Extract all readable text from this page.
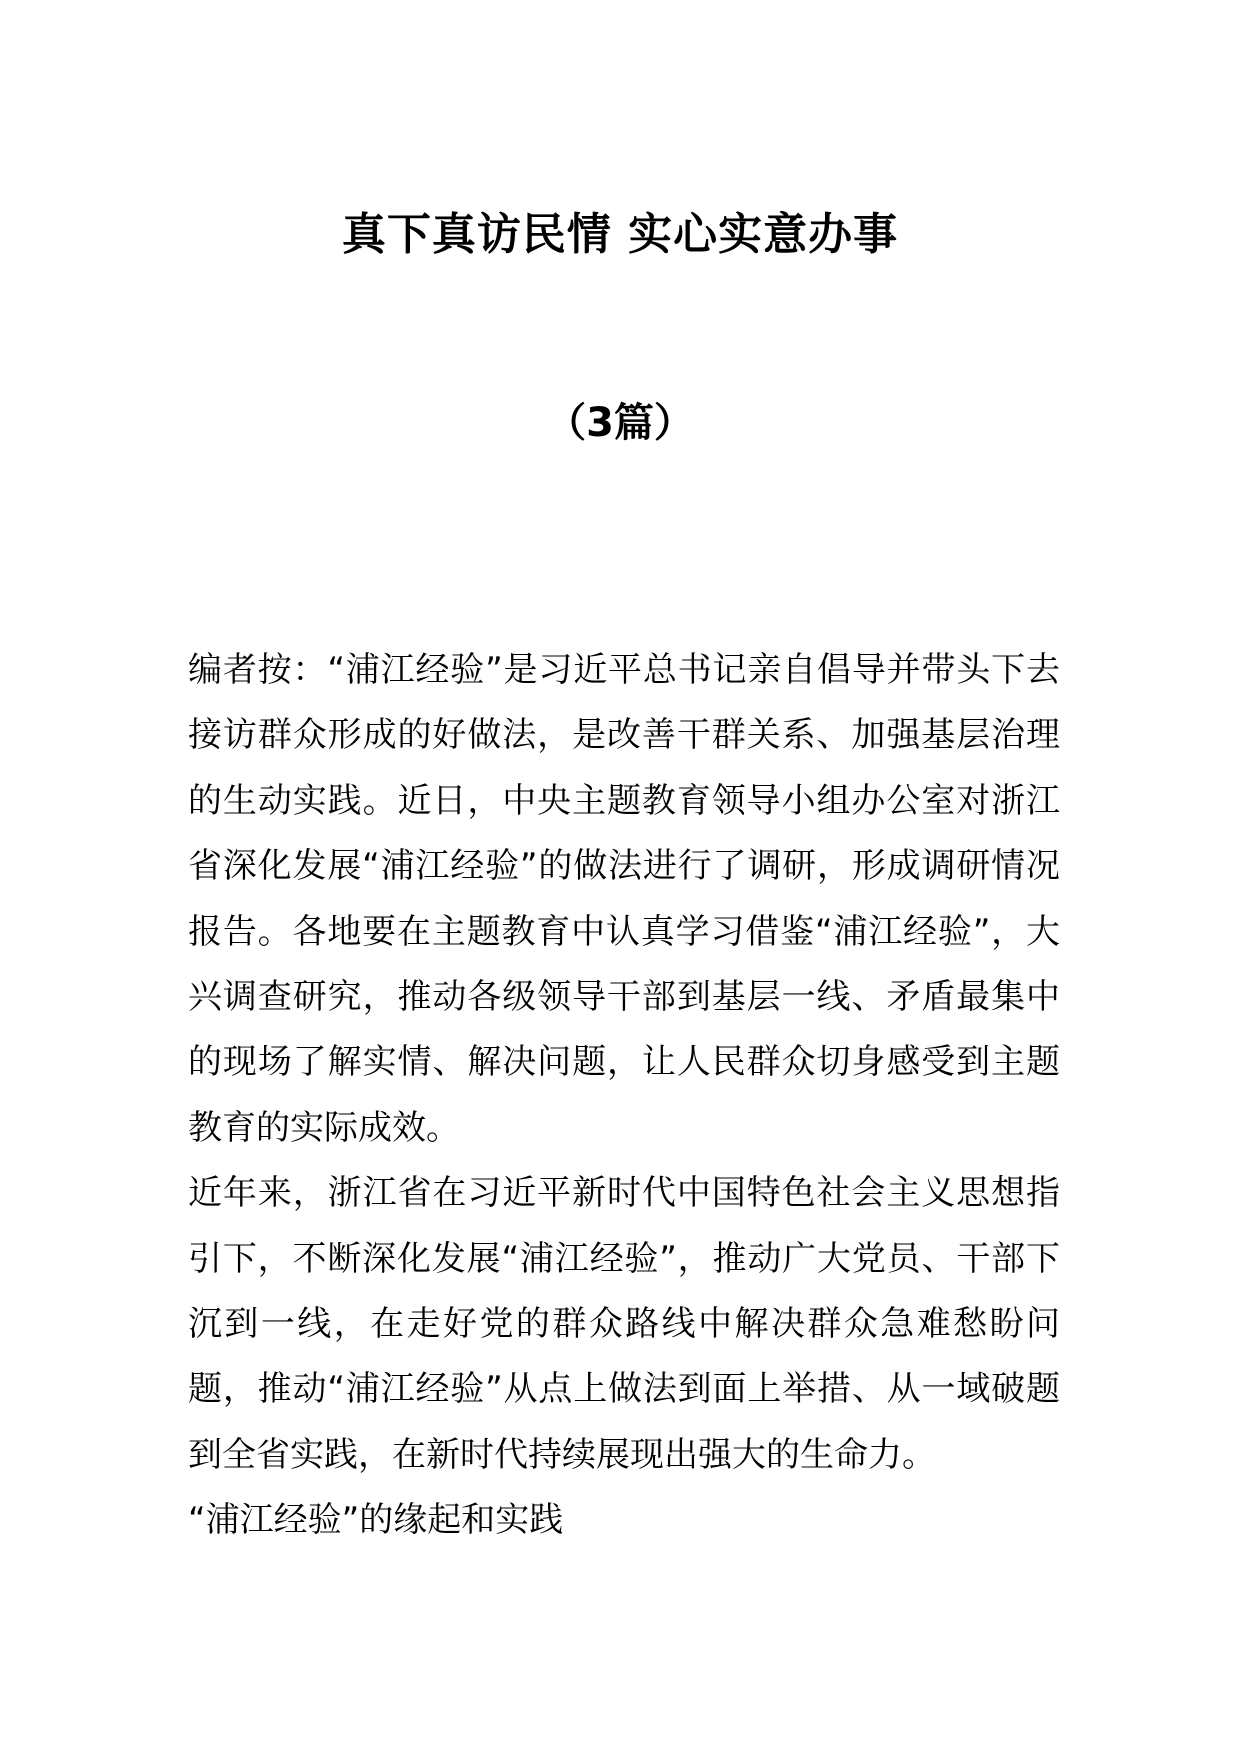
真下真访民情 实心实意办事
（3篇）

编者按：“浦江经验”是习近平总书记亲自倡导并带头下去接访群众形成的好做法，是改善干群关系、加强基层治理的生动实践。近日，中央主题教育领导小组办公室对浙江省深化发展“浦江经验”的做法进行了调研，形成调研情况报告。各地要在主题教育中认真学习借鉴“浦江经验”，大兴调查研究，推动各级领导干部到基层一线、矛盾最集中的现场了解实情、解决问题，让人民群众切身感受到主题教育的实际成效。

近年来，浙江省在习近平新时代中国特色社会主义思想指引下，不断深化发展“浦江经验”，推动广大党员、干部下沉到一线，在走好党的群众路线中解决群众急难愁盼问题，推动“浦江经验”从点上做法到面上举措、从一域破题到全省实践，在新时代持续展现出强大的生命力。

“浦江经验”的缘起和实践
